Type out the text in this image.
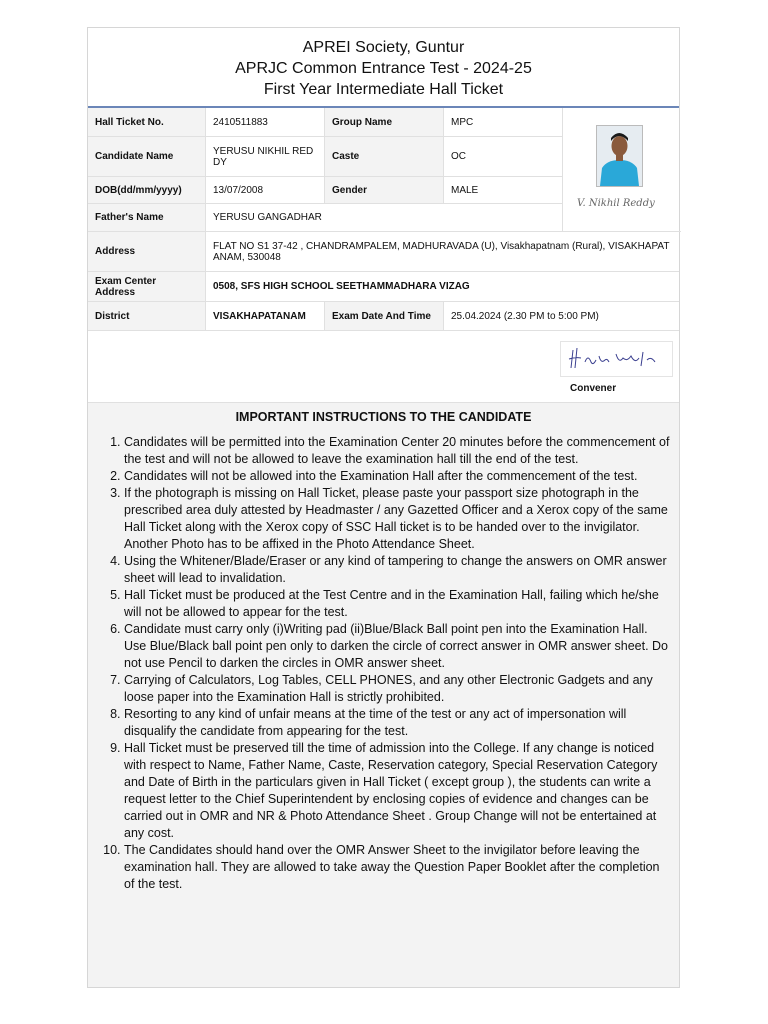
APREI Society, Guntur
APRJC Common Entrance Test - 2024-25
First Year Intermediate Hall Ticket
Hall Ticket No.	2410511883	Group Name	MPC
Candidate Name	YERUSU NIKHIL REDDY	Caste	OC
DOB(dd/mm/yyyy)	13/07/2008	Gender	MALE
Father's Name	YERUSU GANGADHAR
V. Nikhil Reddy
Address	FLAT NO S1 37-42 , CHANDRAMPALEM, MADHURAVADA (U), Visakhapatnam (Rural), VISAKHAPATANAM, 530048
Exam Center Address	0508, SFS HIGH SCHOOL SEETHAMMADHARA VIZAG
District	VISAKHAPATANAM	Exam Date And Time	25.04.2024 (2.30 PM to 5:00 PM)
Convener
IMPORTANT INSTRUCTIONS TO THE CANDIDATE
1. Candidates will be permitted into the Examination Center 20 minutes before the commencement of the test and will not be allowed to leave the examination hall till the end of the test.
2. Candidates will not be allowed into the Examination Hall after the commencement of the test.
3. If the photograph is missing on Hall Ticket, please paste your passport size photograph in the prescribed area duly attested by Headmaster / any Gazetted Officer and a Xerox copy of the same Hall Ticket along with the Xerox copy of SSC Hall ticket is to be handed over to the invigilator. Another Photo has to be affixed in the Photo Attendance Sheet.
4. Using the Whitener/Blade/Eraser or any kind of tampering to change the answers on OMR answer sheet will lead to invalidation.
5. Hall Ticket must be produced at the Test Centre and in the Examination Hall, failing which he/she will not be allowed to appear for the test.
6. Candidate must carry only (i)Writing pad (ii)Blue/Black Ball point pen into the Examination Hall. Use Blue/Black ball point pen only to darken the circle of correct answer in OMR answer sheet. Do not use Pencil to darken the circles in OMR answer sheet.
7. Carrying of Calculators, Log Tables, CELL PHONES, and any other Electronic Gadgets and any loose paper into the Examination Hall is strictly prohibited.
8. Resorting to any kind of unfair means at the time of the test or any act of impersonation will disqualify the candidate from appearing for the test.
9. Hall Ticket must be preserved till the time of admission into the College. If any change is noticed with respect to Name, Father Name, Caste, Reservation category, Special Reservation Category and Date of Birth in the particulars given in Hall Ticket ( except group ), the students can write a request letter to the Chief Superintendent by enclosing copies of evidence and changes can be carried out in OMR and NR & Photo Attendance Sheet . Group Change will not be entertained at any cost.
10. The Candidates should hand over the OMR Answer Sheet to the invigilator before leaving the examination hall. They are allowed to take away the Question Paper Booklet after the completion of the test.
